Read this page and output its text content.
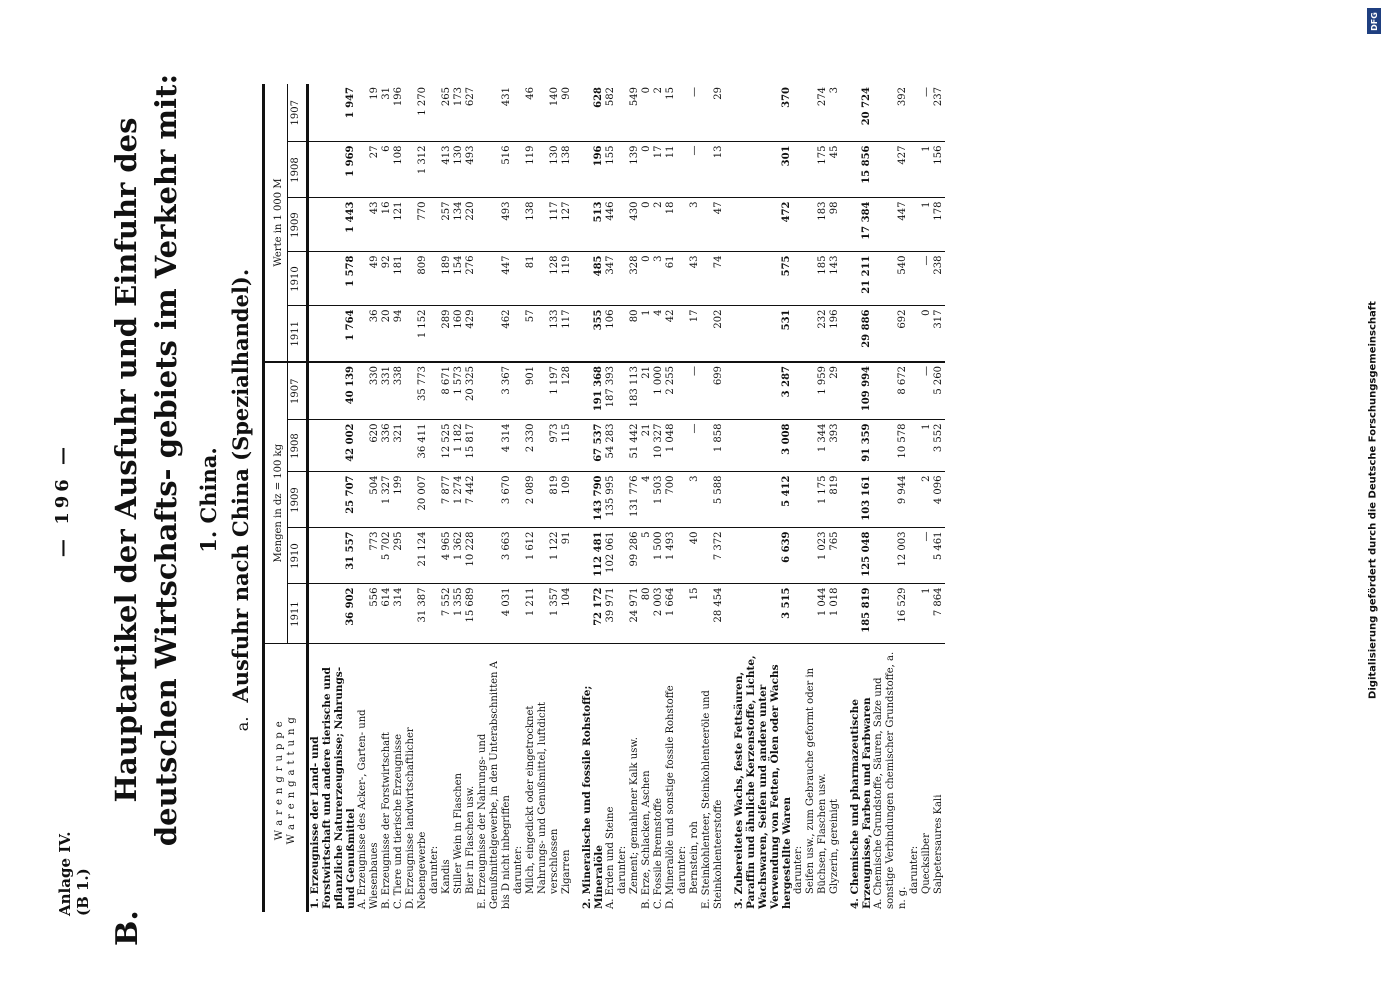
Anlage IV. (B 1.)
— 196 —
B.
Hauptartikel der Ausfuhr und Einfuhr des deutschen Wirtschafts- gebiets im Verkehr mit: 1. China.
a.Ausfuhr nach China (Spezialhandel).
Warengruppe Warengattung	Mengen in dz = 100 kg					Werte in 1 000 M				
	1911	1910	1909	1908	1907	1911	1910	1909	1908	1907
1. Erzeugnisse der Land- und Forstwirtschaft und andere tierische und pflanzliche Naturerzeugnisse; Nahrungs- und Genußmittel	36 902	31 557	25 707	42 002	40 139	1 764	1 578	1 443	1 969	1 947
A. Erzeugnisse des Acker-, Garten- und Wiesenbaues	556	773	504	620	330	36	49	43	27	19
B. Erzeugnisse der Forstwirtschaft	614	5 702	1 327	336	331	20	92	16	6	31
C. Tiere und tierische Erzeugnisse	314	295	199	321	338	94	181	121	108	196
D. Erzeugnisse landwirtschaftlicher Nebengewerbe	31 387	21 124	20 007	36 411	35 773	1 152	809	770	1 312	1 270
darunter:										
Kandis	7 552	4 965	7 877	12 525	8 671	289	189	257	413	265
Stiller Wein in Flaschen	1 355	1 362	1 274	1 182	1 573	160	154	134	130	173
Bier in Flaschen usw.	15 689	10 228	7 442	15 817	20 325	429	276	220	493	627
E. Erzeugnisse der Nahrungs- und Genußmittelgewerbe, in den Unterabschnitten A bis D nicht inbegriffen	4 031	3 663	3 670	4 314	3 367	462	447	493	516	431
darunter:										
Milch, eingedickt oder eingetrocknet	1 211	1 612	2 089	2 330	901	57	81	138	119	46
Nahrungs- und Genußmittel, luftdicht verschlossen	1 357	1 122	819	973	1 197	133	128	117	130	140
Zigarren	104	91	109	115	128	117	119	127	138	90

2. Mineralische und fossile Rohstoffe; Mineralöle	72 172	112 481	143 790	67 537	191 368	355	485	513	196	628
A. Erden und Steine	39 971	102 061	135 995	54 283	187 393	106	347	446	155	582
darunter:										
Zement; gemahlener Kalk usw.	24 971	99 286	131 776	51 442	183 113	80	328	430	139	549
B. Erze, Schlacken, Aschen	80	5	4	21	21	1	0	0	0	0
C. Fossile Brennstoffe	2 003	1 500	1 503	10 327	1 000	4	3	2	17	2
D. Mineralöle und sonstige fossile Rohstoffe	1 664	1 493	700	1 048	2 255	42	61	18	11	15
darunter:										
Bernstein, roh	15	40	3	—	—	17	43	3	—	—
E. Steinkohlenteer, Steinkohlenteeröle und Steinkohlenteerstoffe	28 454	7 372	5 588	1 858	699	202	74	47	13	29

3. Zubereitetes Wachs, feste Fettsäuren, Paraffin und ähnliche Kerzenstoffe, Lichte, Wachswaren, Seifen und andere unter Verwendung von Fetten, Ölen oder Wachs hergestellte Waren	3 515	6 639	5 412	3 008	3 287	531	575	472	301	370
darunter:										
Seifen usw., zum Gebrauche geformt oder in Büchsen, Flaschen usw.	1 044	1 023	1 175	1 344	1 959	232	185	183	175	274
Glyzerin, gereinigt	1 018	765	819	393	29	196	143	98	45	3

4. Chemische und pharmazeutische Erzeugnisse, Farben und Farbwaren	185 819	125 048	103 161	91 359	109 994	29 886	21 211	17 384	15 856	20 724
A. Chemische Grundstoffe, Säuren, Salze und sonstige Verbindungen chemischer Grundstoffe, a. n. g.	16 529	12 003	9 944	10 578	8 672	692	540	447	427	392
darunter:										
Quecksilber	1	—	2	1	—	0	—	1	1	—
Salpetersaures Kali	7 864	5 461	4 096	3 552	5 260	317	238	178	156	237
Digitalisierung gefördert durch die Deutsche Forschungsgemeinschaft
DFG
